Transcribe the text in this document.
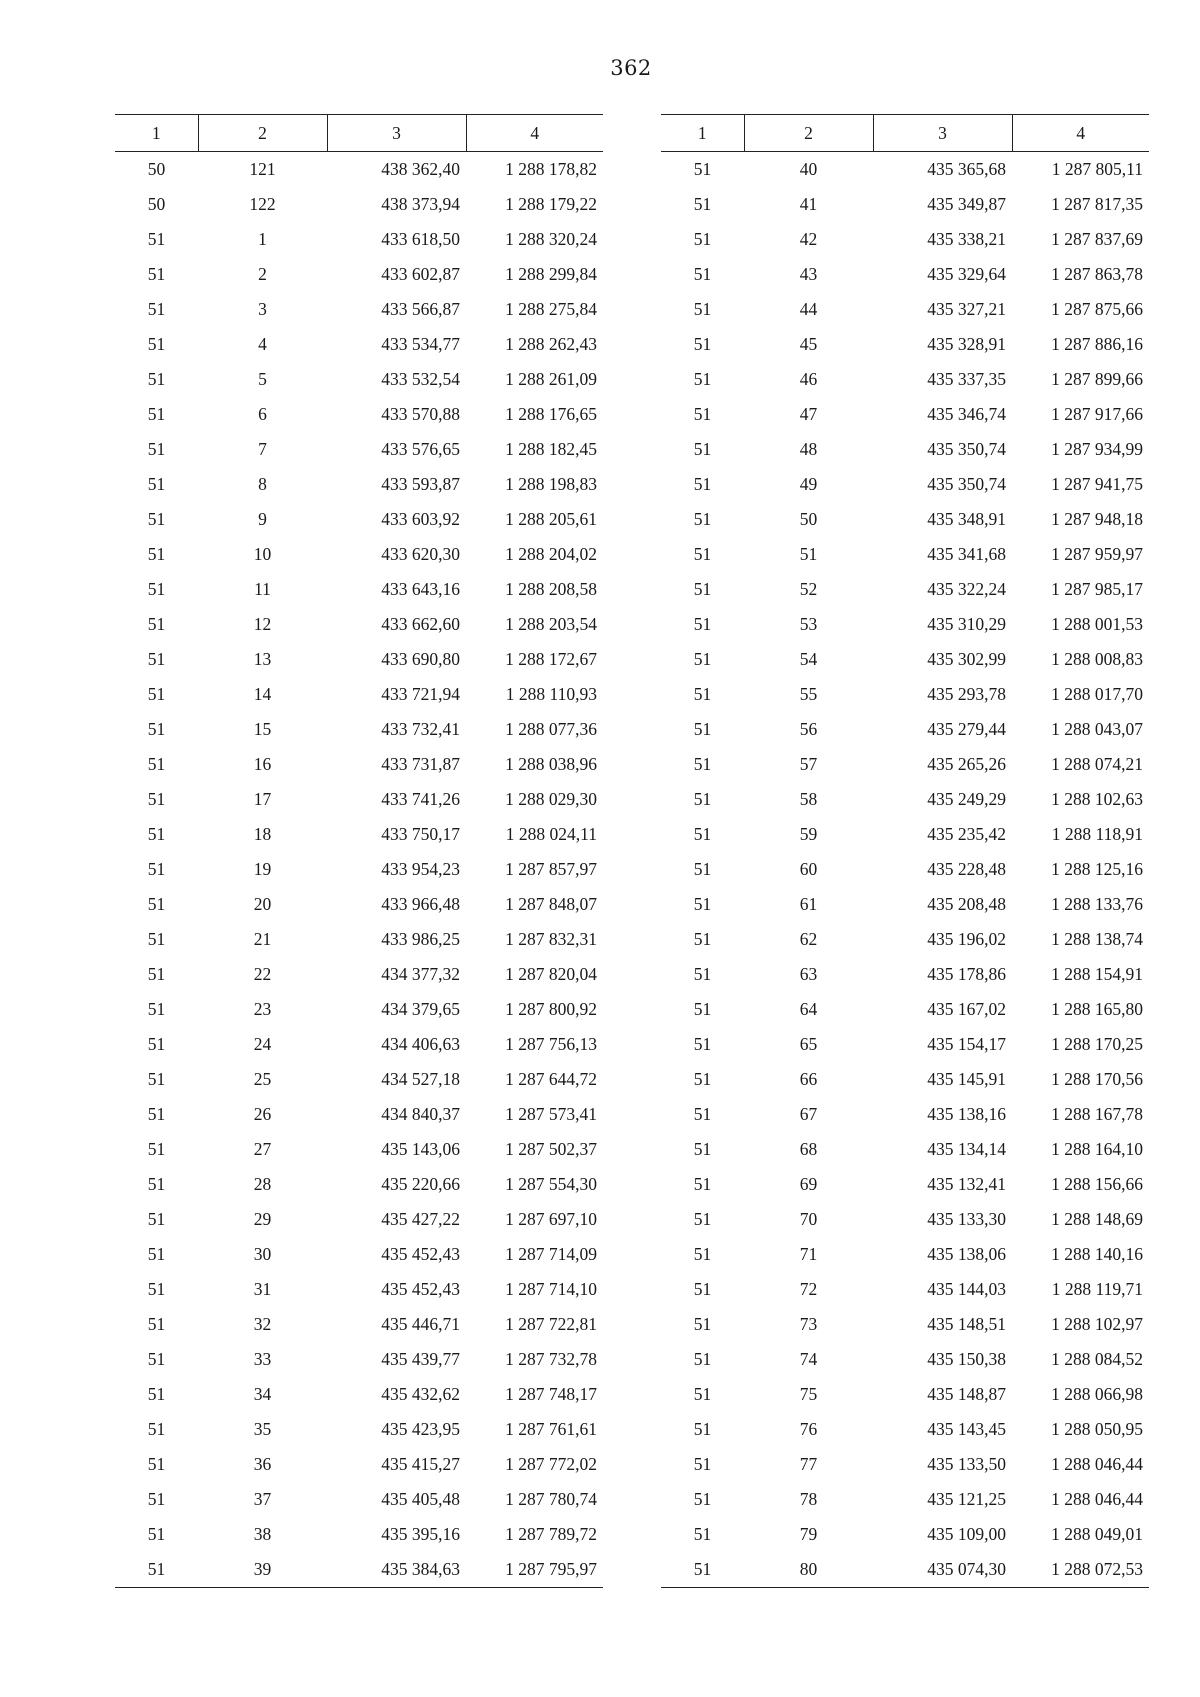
362
1	2	3	4
50	121	438 362,40	1 288 178,82
50	122	438 373,94	1 288 179,22
51	1	433 618,50	1 288 320,24
51	2	433 602,87	1 288 299,84
51	3	433 566,87	1 288 275,84
51	4	433 534,77	1 288 262,43
51	5	433 532,54	1 288 261,09
51	6	433 570,88	1 288 176,65
51	7	433 576,65	1 288 182,45
51	8	433 593,87	1 288 198,83
51	9	433 603,92	1 288 205,61
51	10	433 620,30	1 288 204,02
51	11	433 643,16	1 288 208,58
51	12	433 662,60	1 288 203,54
51	13	433 690,80	1 288 172,67
51	14	433 721,94	1 288 110,93
51	15	433 732,41	1 288 077,36
51	16	433 731,87	1 288 038,96
51	17	433 741,26	1 288 029,30
51	18	433 750,17	1 288 024,11
51	19	433 954,23	1 287 857,97
51	20	433 966,48	1 287 848,07
51	21	433 986,25	1 287 832,31
51	22	434 377,32	1 287 820,04
51	23	434 379,65	1 287 800,92
51	24	434 406,63	1 287 756,13
51	25	434 527,18	1 287 644,72
51	26	434 840,37	1 287 573,41
51	27	435 143,06	1 287 502,37
51	28	435 220,66	1 287 554,30
51	29	435 427,22	1 287 697,10
51	30	435 452,43	1 287 714,09
51	31	435 452,43	1 287 714,10
51	32	435 446,71	1 287 722,81
51	33	435 439,77	1 287 732,78
51	34	435 432,62	1 287 748,17
51	35	435 423,95	1 287 761,61
51	36	435 415,27	1 287 772,02
51	37	435 405,48	1 287 780,74
51	38	435 395,16	1 287 789,72
51	39	435 384,63	1 287 795,97
1	2	3	4
51	40	435 365,68	1 287 805,11
51	41	435 349,87	1 287 817,35
51	42	435 338,21	1 287 837,69
51	43	435 329,64	1 287 863,78
51	44	435 327,21	1 287 875,66
51	45	435 328,91	1 287 886,16
51	46	435 337,35	1 287 899,66
51	47	435 346,74	1 287 917,66
51	48	435 350,74	1 287 934,99
51	49	435 350,74	1 287 941,75
51	50	435 348,91	1 287 948,18
51	51	435 341,68	1 287 959,97
51	52	435 322,24	1 287 985,17
51	53	435 310,29	1 288 001,53
51	54	435 302,99	1 288 008,83
51	55	435 293,78	1 288 017,70
51	56	435 279,44	1 288 043,07
51	57	435 265,26	1 288 074,21
51	58	435 249,29	1 288 102,63
51	59	435 235,42	1 288 118,91
51	60	435 228,48	1 288 125,16
51	61	435 208,48	1 288 133,76
51	62	435 196,02	1 288 138,74
51	63	435 178,86	1 288 154,91
51	64	435 167,02	1 288 165,80
51	65	435 154,17	1 288 170,25
51	66	435 145,91	1 288 170,56
51	67	435 138,16	1 288 167,78
51	68	435 134,14	1 288 164,10
51	69	435 132,41	1 288 156,66
51	70	435 133,30	1 288 148,69
51	71	435 138,06	1 288 140,16
51	72	435 144,03	1 288 119,71
51	73	435 148,51	1 288 102,97
51	74	435 150,38	1 288 084,52
51	75	435 148,87	1 288 066,98
51	76	435 143,45	1 288 050,95
51	77	435 133,50	1 288 046,44
51	78	435 121,25	1 288 046,44
51	79	435 109,00	1 288 049,01
51	80	435 074,30	1 288 072,53
